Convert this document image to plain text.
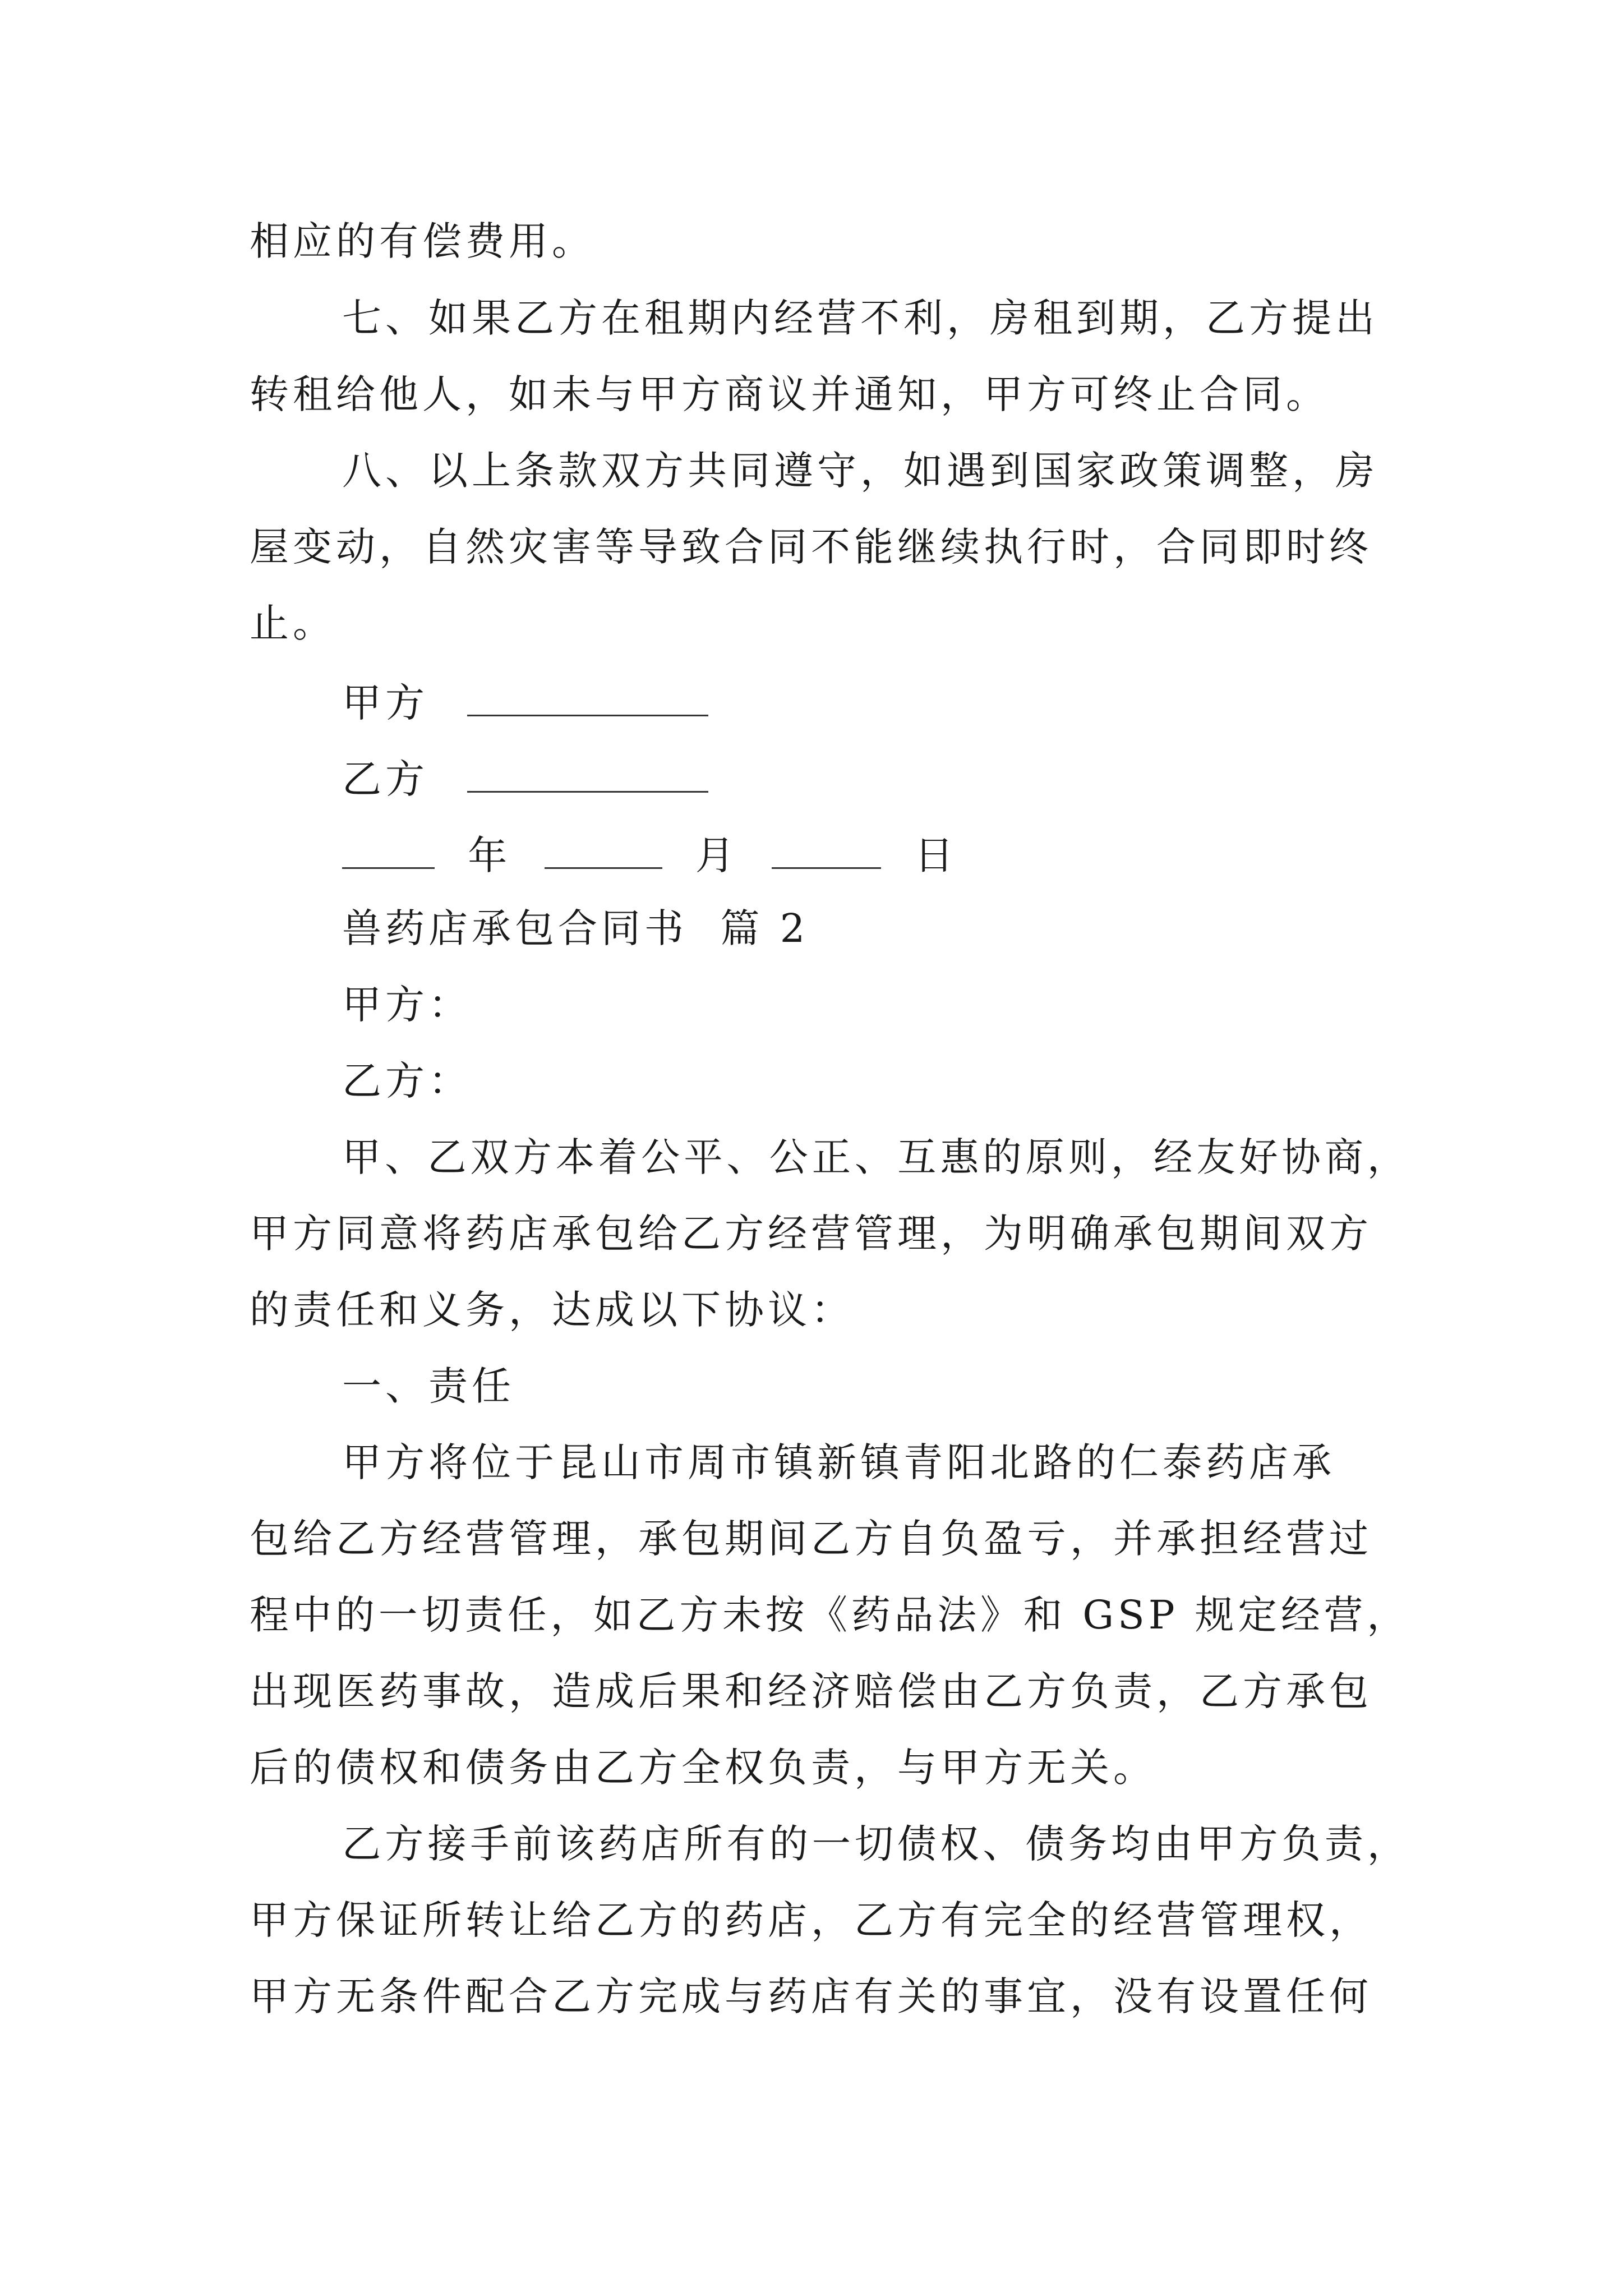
相应的有偿费用。
七、如果乙方在租期内经营不利，房租到期，乙方提出
转租给他人，如未与甲方商议并通知，甲方可终止合同。
八、以上条款双方共同遵守，如遇到国家政策调整，房
屋变动，自然灾害等导致合同不能继续执行时，合同即时终
止。
甲方
乙方
年	月	日
兽药店承包合同书  篇 2
甲方：
乙方：
甲、乙双方本着公平、公正、互惠的原则，经友好协商，
甲方同意将药店承包给乙方经营管理，为明确承包期间双方
的责任和义务，达成以下协议：
一、责任
甲方将位于昆山市周市镇新镇青阳北路的仁泰药店承
包给乙方经营管理，承包期间乙方自负盈亏，并承担经营过
程中的一切责任，如乙方未按《药品法》和 GSP 规定经营，
出现医药事故，造成后果和经济赔偿由乙方负责，乙方承包
后的债权和债务由乙方全权负责，与甲方无关。
乙方接手前该药店所有的一切债权、债务均由甲方负责，
甲方保证所转让给乙方的药店，乙方有完全的经营管理权，
甲方无条件配合乙方完成与药店有关的事宜，没有设置任何
